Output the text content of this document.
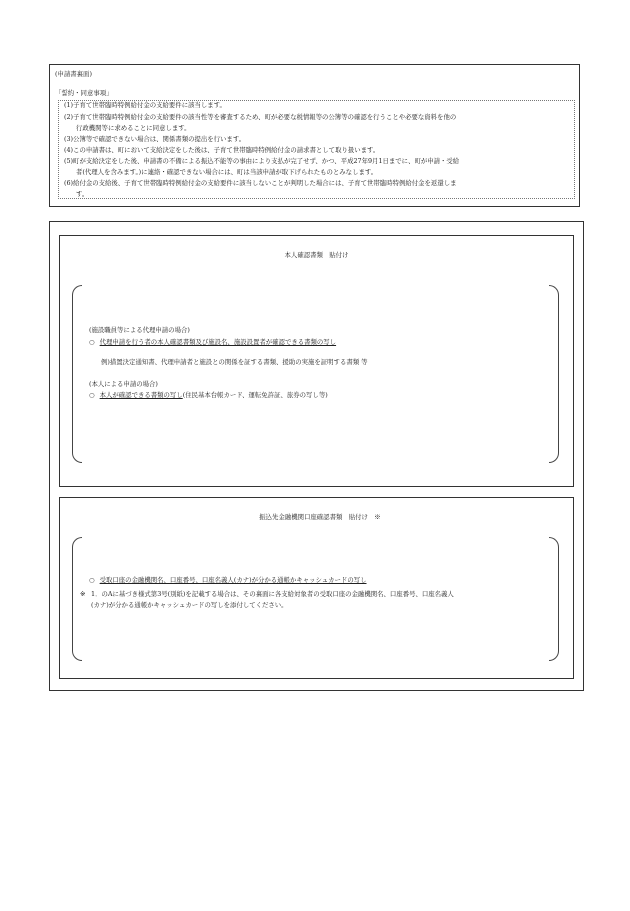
(申請書裏面)
「誓約・同意事項」
(1)子育て世帯臨時特例給付金の支給要件に該当します。
(2)子育て世帯臨時特例給付金の支給要件の該当性等を審査するため、町が必要な税情報等の公簿等の確認を行うことや必要な資料を他の
行政機関等に求めることに同意します。
(3)公簿等で確認できない場合は、関係書類の提出を行います。
(4)この申請書は、町において支給決定をした後は、子育て世帯臨時特例給付金の請求書として取り扱います。
(5)町が支給決定をした後、申請書の不備による振込不能等の事由により支払が完了せず、かつ、平成27年9月1日までに、町が申請・受給
者(代理人を含みます。)に連絡・確認できない場合には、町は当該申請が取下げられたものとみなします。
(6)給付金の支給後、子育て世帯臨時特例給付金の支給要件に該当しないことが判明した場合には、子育て世帯臨時特例給付金を返還しま
す。
本人確認書類　貼付け
(施設職員等による代理申請の場合)
○ 代理申請を行う者の本人確認書類及び施設名、施設設置者が確認できる書類の写し
例)措置決定通知書、代理申請者と施設との関係を証する書類、援助の実施を証明する書類 等
(本人による申請の場合)
○ 本人が確認できる書類の写し(住民基本台帳カード、運転免許証、旅券の写し等)
振込先金融機関口座確認書類　貼付け　※
○ 受取口座の金融機関名、口座番号、口座名義人(カナ)が分かる通帳かキャッシュカードの写し
※ 1．のAに基づき様式第3号(別紙)を記載する場合は、その裏面に各支給対象者の受取口座の金融機関名、口座番号、口座名義人
(カナ)が分かる通帳かキャッシュカードの写しを添付してください。
